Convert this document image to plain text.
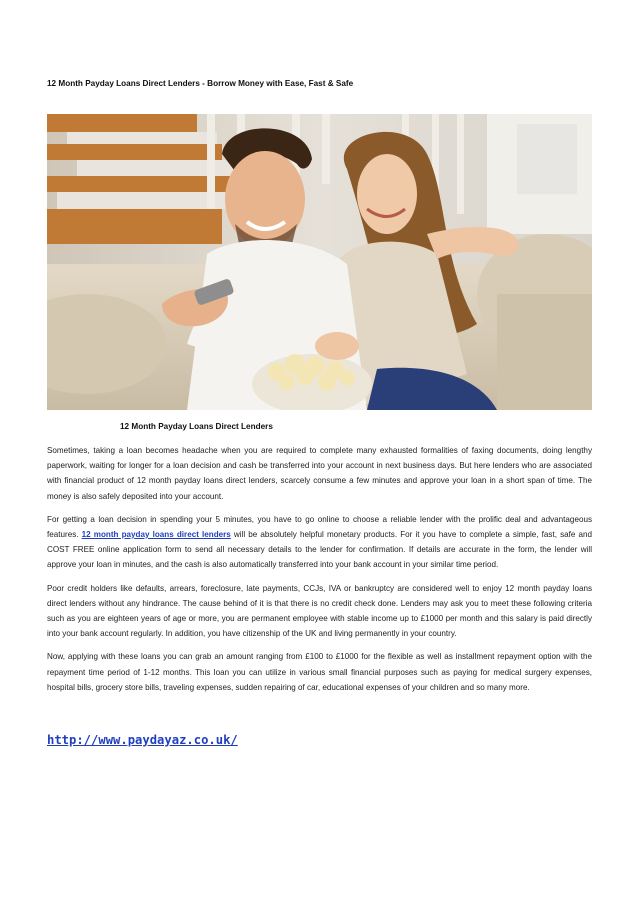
12 Month Payday Loans Direct Lenders - Borrow Money with Ease, Fast & Safe
12 Month Payday Loans Direct Lenders

Sometimes, taking a loan becomes headache when you are required to complete many exhausted formalities of faxing documents, doing lengthy paperwork, waiting for longer for a loan decision and cash be transferred into your account in next business days. But here lenders who are associated with financial product of 12 month payday loans direct lenders, scarcely consume a few minutes and approve your loan in a short span of time. The money is also safely deposited into your account.

For getting a loan decision in spending your 5 minutes, you have to go online to choose a reliable lender with the prolific deal and advantageous features. 12 month payday loans direct lenders will be absolutely helpful monetary products. For it you have to complete a simple, fast, safe and COST FREE online application form to send all necessary details to the lender for confirmation. If details are accurate in the form, the lender will approve your loan in minutes, and the cash is also automatically transferred into your bank account in your similar time period.

Poor credit holders like defaults, arrears, foreclosure, late payments, CCJs, IVA or bankruptcy are considered well to enjoy 12 month payday loans direct lenders without any hindrance. The cause behind of it is that there is no credit check done. Lenders may ask you to meet these following criteria such as you are eighteen years of age or more, you are permanent employee with stable income up to £1000 per month and this salary is paid directly into your bank account regularly. In addition, you have citizenship of the UK and living permanently in your country.

Now, applying with these loans you can grab an amount ranging from £100 to £1000 for the flexible as well as installment repayment option with the repayment time period of 1-12 months. This loan you can utilize in various small financial purposes such as paying for medical surgery expenses, hospital bills, grocery store bills, traveling expenses, sudden repairing of car, educational expenses of your children and so many more.

http://www.paydayaz.co.uk/
